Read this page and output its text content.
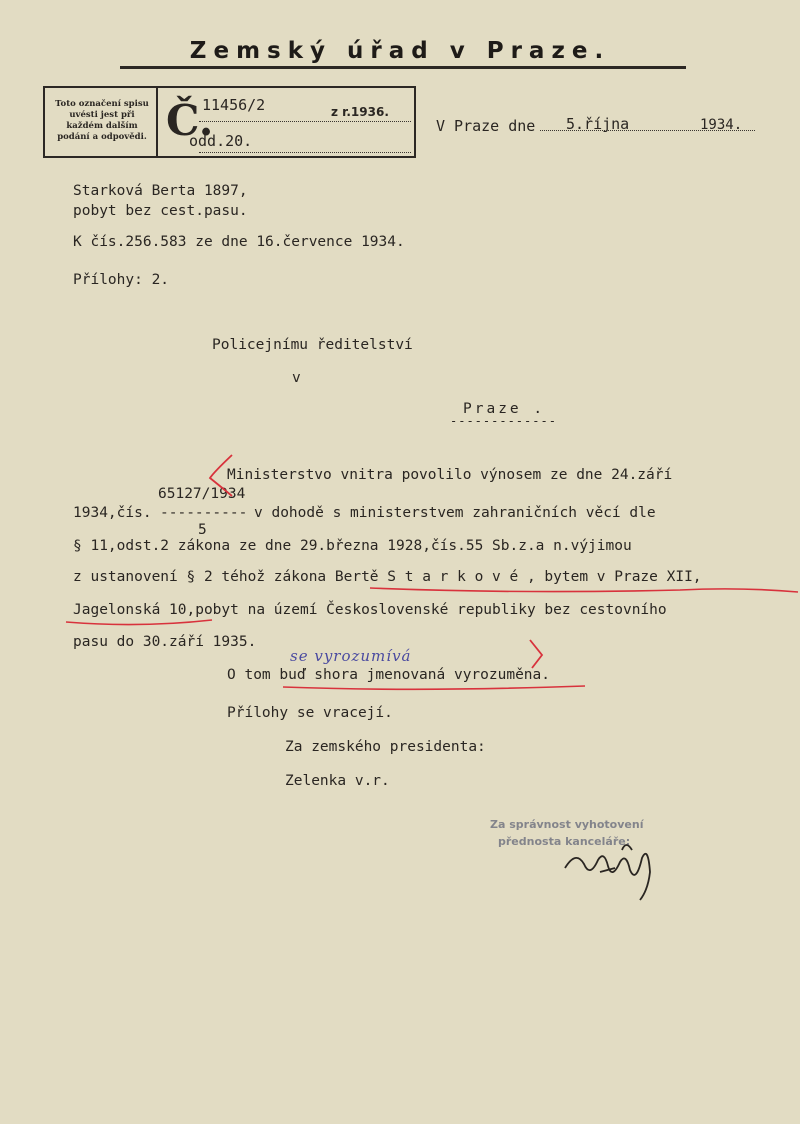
Zemský úřad v Praze.
Toto označení spisu uvésti jest při každém dalším podání a odpovědi. Č.
11456/2	z r.1936.
odd.20.
V Praze dne 5.října	1934.
Starková Berta 1897,
pobyt bez cest.pasu.
K čís.256.583 ze dne 16.července 1934.
Přílohy: 2.
Policejnímu ředitelství
v
Praze .
-------------
Ministerstvo vnitra povolilo výnosem ze dne 24.září
65127/1934
1934,čís. ---------- v dohodě s ministerstvem zahraničních věcí dle
5
§ 11,odst.2 zákona ze dne 29.března 1928,čís.55 Sb.z.a n.výjimou
z ustanovení § 2 téhož zákona Bertě S t a r k o v é , bytem v Praze XII,
Jagelonská 10,pobyt na území Československé republiky bez cestovního
pasu do 30.září 1935.
se vyrozumívá
O tom buď shora jmenovaná vyrozuměna.
Přílohy se vracejí.
Za zemského presidenta:
Zelenka v.r.
Za správnost vyhotovení
přednosta kanceláře:
